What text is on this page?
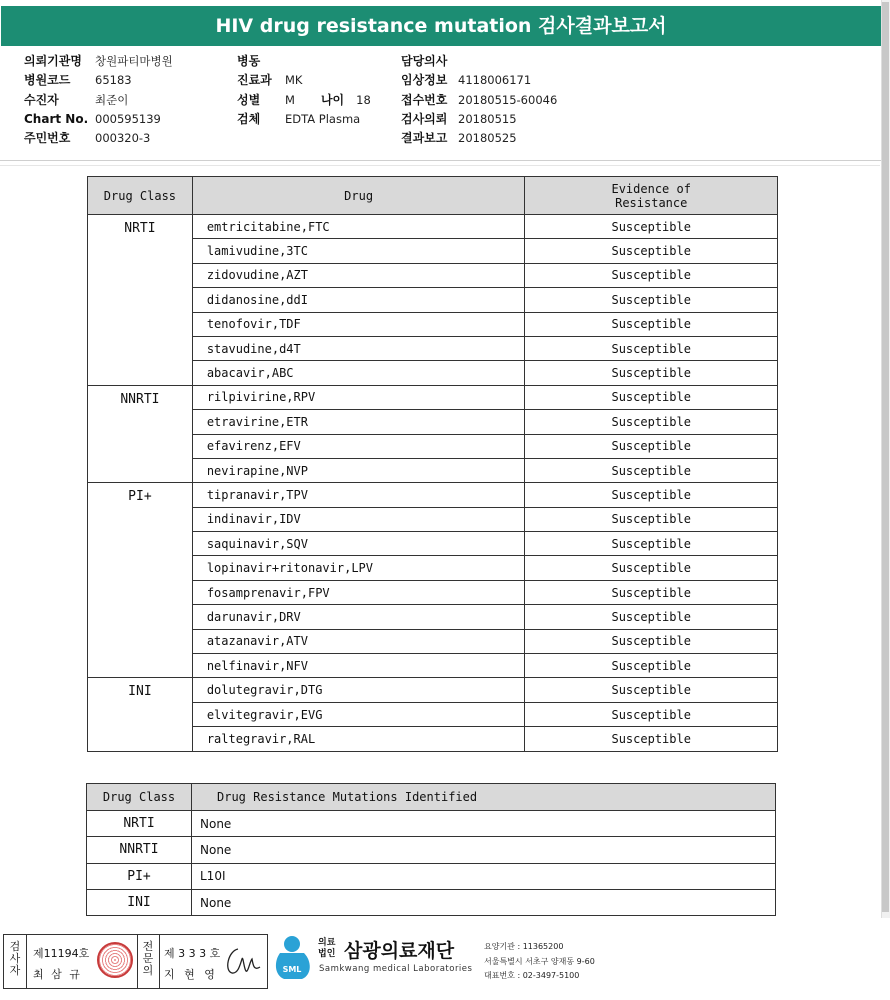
HIV drug resistance mutation 검사결과보고서
의뢰기관명 창원파티마병원
병원코드 65183
수진자	최준이
Chart No. 000595139
주민번호 000320-3
병동
진료과 MK
성별 M 나이 18
검체 EDTA Plasma
담당의사
임상정보 4118006171
접수번호 20180515-60046
검사의뢰 20180515
결과보고 20180525
Drug Class	Drug	Evidence of
Resistance
NRTI	emtricitabine,FTC	Susceptible
	lamivudine,3TC	Susceptible
	zidovudine,AZT	Susceptible
	didanosine,ddI	Susceptible
	tenofovir,TDF	Susceptible
	stavudine,d4T	Susceptible
	abacavir,ABC	Susceptible
NNRTI	rilpivirine,RPV	Susceptible
	etravirine,ETR	Susceptible
	efavirenz,EFV	Susceptible
	nevirapine,NVP	Susceptible
PI+	tipranavir,TPV	Susceptible
	indinavir,IDV	Susceptible
	saquinavir,SQV	Susceptible
	lopinavir+ritonavir,LPV	Susceptible
	fosamprenavir,FPV	Susceptible
	darunavir,DRV	Susceptible
	atazanavir,ATV	Susceptible
	nelfinavir,NFV	Susceptible
INI	dolutegravir,DTG	Susceptible
	elvitegravir,EVG	Susceptible
	raltegravir,RAL	Susceptible
Drug Class	Drug Resistance Mutations Identified
NRTI	None
NNRTI	None
PI+	L10I
INI	None
검
사
자
제11194호
최 삼 규
전
문
의
제 3 3 3 호
지 현 영	SML
의료
법인 삼광의료재단
Samkwang medical Laboratories
요양기관 : 11365200
서울특별시 서초구 양재동 9-60
대표번호 : 02-3497-5100
